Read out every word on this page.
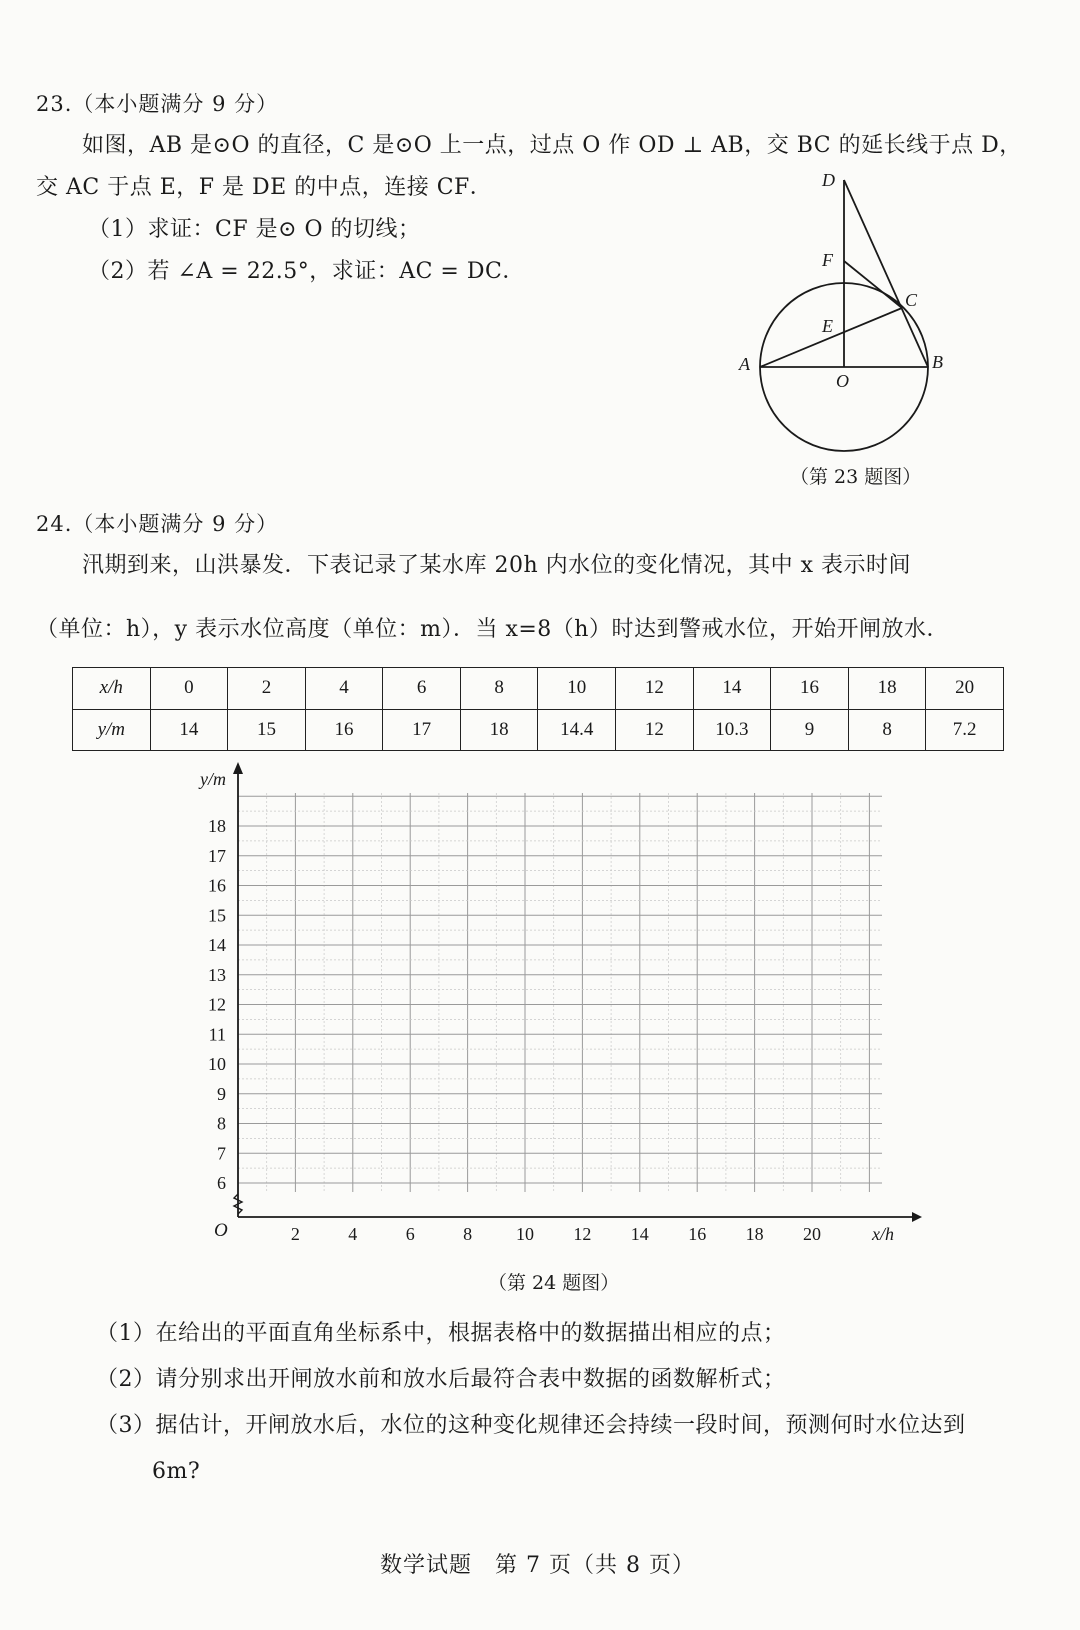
23.（本小题满分 9 分）
如图，AB 是⊙O 的直径，C 是⊙O 上一点，过点 O 作 OD ⊥ AB，交 BC 的延长线于点 D，
交 AC 于点 E，F 是 DE 的中点，连接 CF．
（1）求证：CF 是⊙ O 的切线；
（2）若 ∠A = 22.5°，求证：AC = DC．
D
F
C
E
A	B
O
（第 23 题图）
24.（本小题满分 9 分）
汛期到来，山洪暴发．下表记录了某水库 20h 内水位的变化情况，其中 x 表示时间
（单位：h），y 表示水位高度（单位：m）．当 x=8（h）时达到警戒水位，开始开闸放水．
x/h	0	2	4	6	8	10	12	14	16	18	20
y/m	14	15	16	17	18	14.4	12	10.3	9	8	7.2
2	4	6	8 10 12 14 16 18 20
6
7
8
9
10
11
12
13
14
15
16
17
18
x/h
y/m
O
（第 24 题图）
（1）在给出的平面直角坐标系中，根据表格中的数据描出相应的点；
（2）请分别求出开闸放水前和放水后最符合表中数据的函数解析式；
（3）据估计，开闸放水后，水位的这种变化规律还会持续一段时间，预测何时水位达到
6m?
数学试题　第 7 页（共 8 页）
